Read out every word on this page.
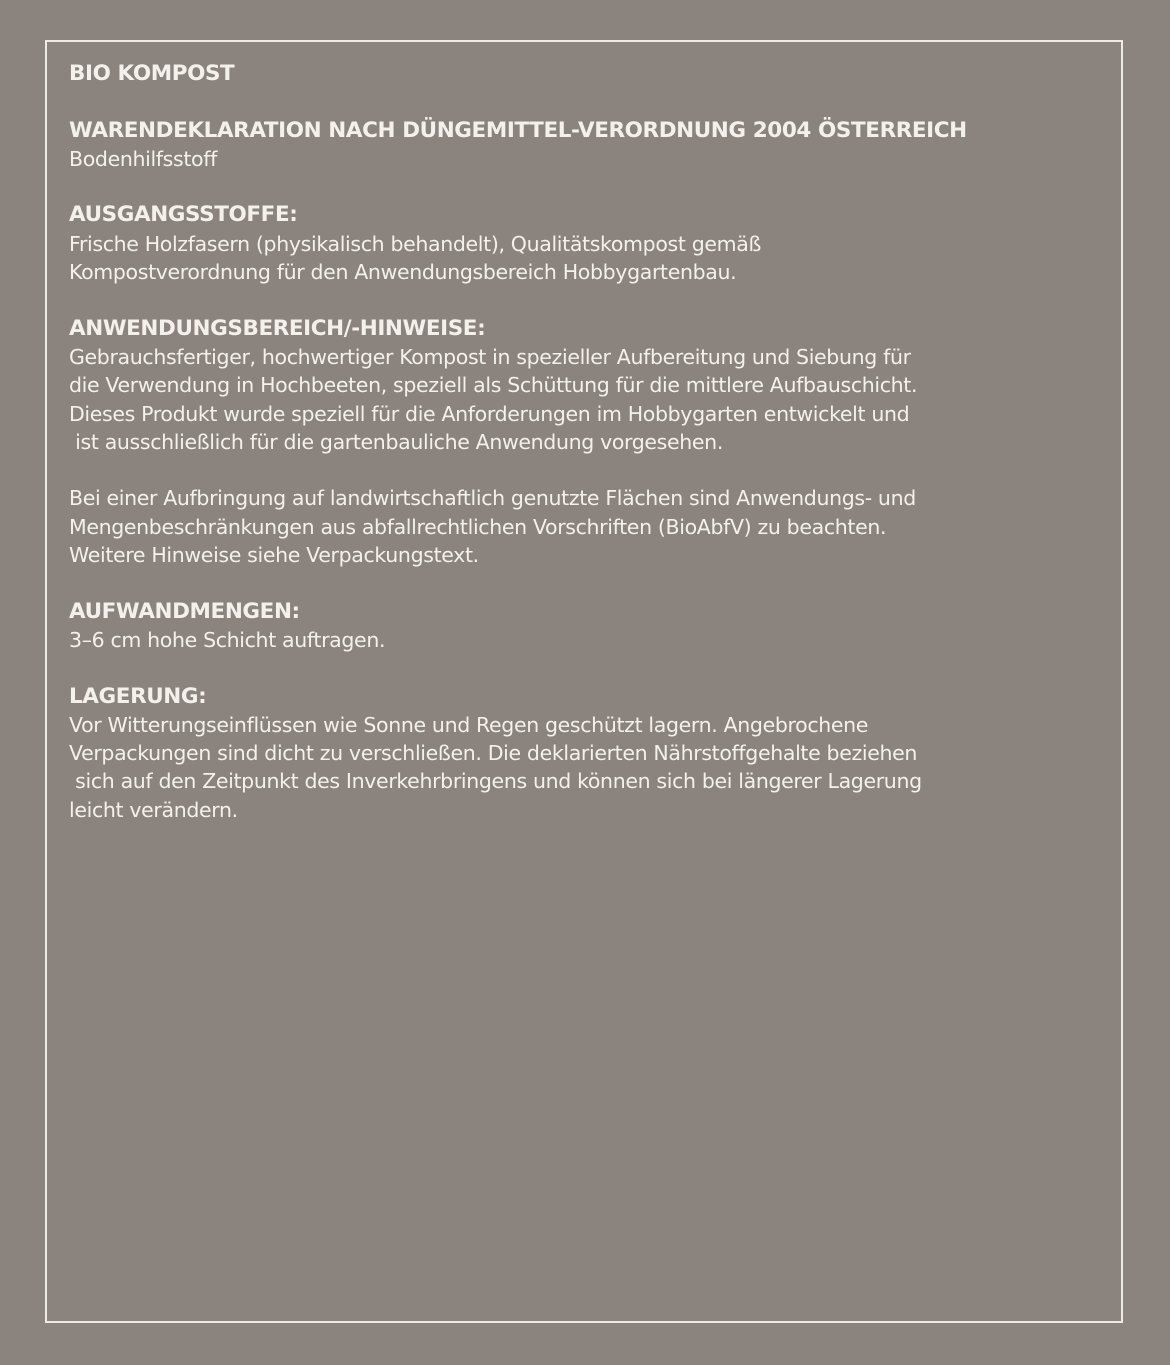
BIO KOMPOST
WARENDEKLARATION NACH DÜNGEMITTEL-VERORDNUNG 2004 ÖSTERREICH
Bodenhilfsstoff
AUSGANGSSTOFFE:
Frische Holzfasern (physikalisch behandelt), Qualitätskompost gemäß
Kompostverordnung für den Anwendungsbereich Hobbygartenbau.
ANWENDUNGSBEREICH/-HINWEISE:
Gebrauchsfertiger, hochwertiger Kompost in spezieller Aufbereitung und Siebung für
die Verwendung in Hochbeeten, speziell als Schüttung für die mittlere Aufbauschicht.
Dieses Produkt wurde speziell für die Anforderungen im Hobbygarten entwickelt und
ist ausschließlich für die gartenbauliche Anwendung vorgesehen.
Bei einer Aufbringung auf landwirtschaftlich genutzte Flächen sind Anwendungs- und
Mengenbeschränkungen aus abfallrechtlichen Vorschriften (BioAbfV) zu beachten.
Weitere Hinweise siehe Verpackungstext.
AUFWANDMENGEN:
3–6 cm hohe Schicht auftragen.
LAGERUNG:
Vor Witterungseinflüssen wie Sonne und Regen geschützt lagern. Angebrochene
Verpackungen sind dicht zu verschließen. Die deklarierten Nährstoffgehalte beziehen
sich auf den Zeitpunkt des Inverkehrbringens und können sich bei längerer Lagerung
leicht verändern.
